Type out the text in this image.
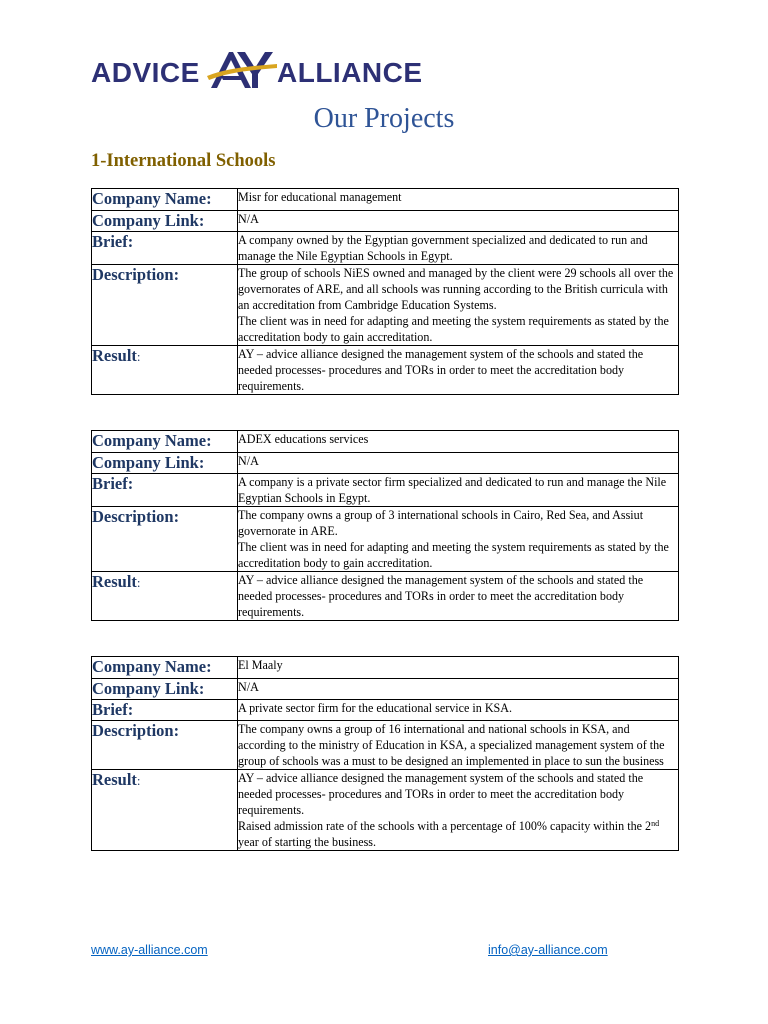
ADVICE	ALLIANCE
Our Projects
1-International Schools
Company Name:	Misr for educational management
Company Link:	N/A
Brief:	A company owned by the Egyptian government specialized and dedicated to run and manage the Nile Egyptian Schools in Egypt.
Description:	The group of schools NiES owned and managed by the client were 29 schools all over the governorates of ARE, and all schools was running according to the British curricula with an accreditation from Cambridge Education Systems.

The client was in need for adapting and meeting the system requirements as stated by the accreditation body to gain accreditation.

Result:	AY – advice alliance designed the management system of the schools and stated the needed processes- procedures and TORs in order to meet the accreditation body requirements.

Company Name:	ADEX educations services
Company Link:	N/A
Brief:	A company is a private sector firm specialized and dedicated to run and manage the Nile Egyptian Schools in Egypt.
Description:	The company owns a group of 3 international schools in Cairo, Red Sea, and Assiut governorate in ARE.

The client was in need for adapting and meeting the system requirements as stated by the accreditation body to gain accreditation.

Result:	AY – advice alliance designed the management system of the schools and stated the needed processes- procedures and TORs in order to meet the accreditation body requirements.

Company Name:	El Maaly
Company Link:	N/A
Brief:	A private sector firm for the educational service in KSA.
Description:	The company owns a group of 16 international and national schools in KSA, and according to the ministry of Education in KSA, a specialized management system of the group of schools was a must to be designed an implemented in place to sun the business

Result:	AY – advice alliance designed the management system of the schools and stated the needed processes- procedures and TORs in order to meet the accreditation body requirements.

Raised admission rate of the schools with a percentage of 100% capacity within the 2nd year of starting the business.

www.ay-alliance.com	info@ay-alliance.com
